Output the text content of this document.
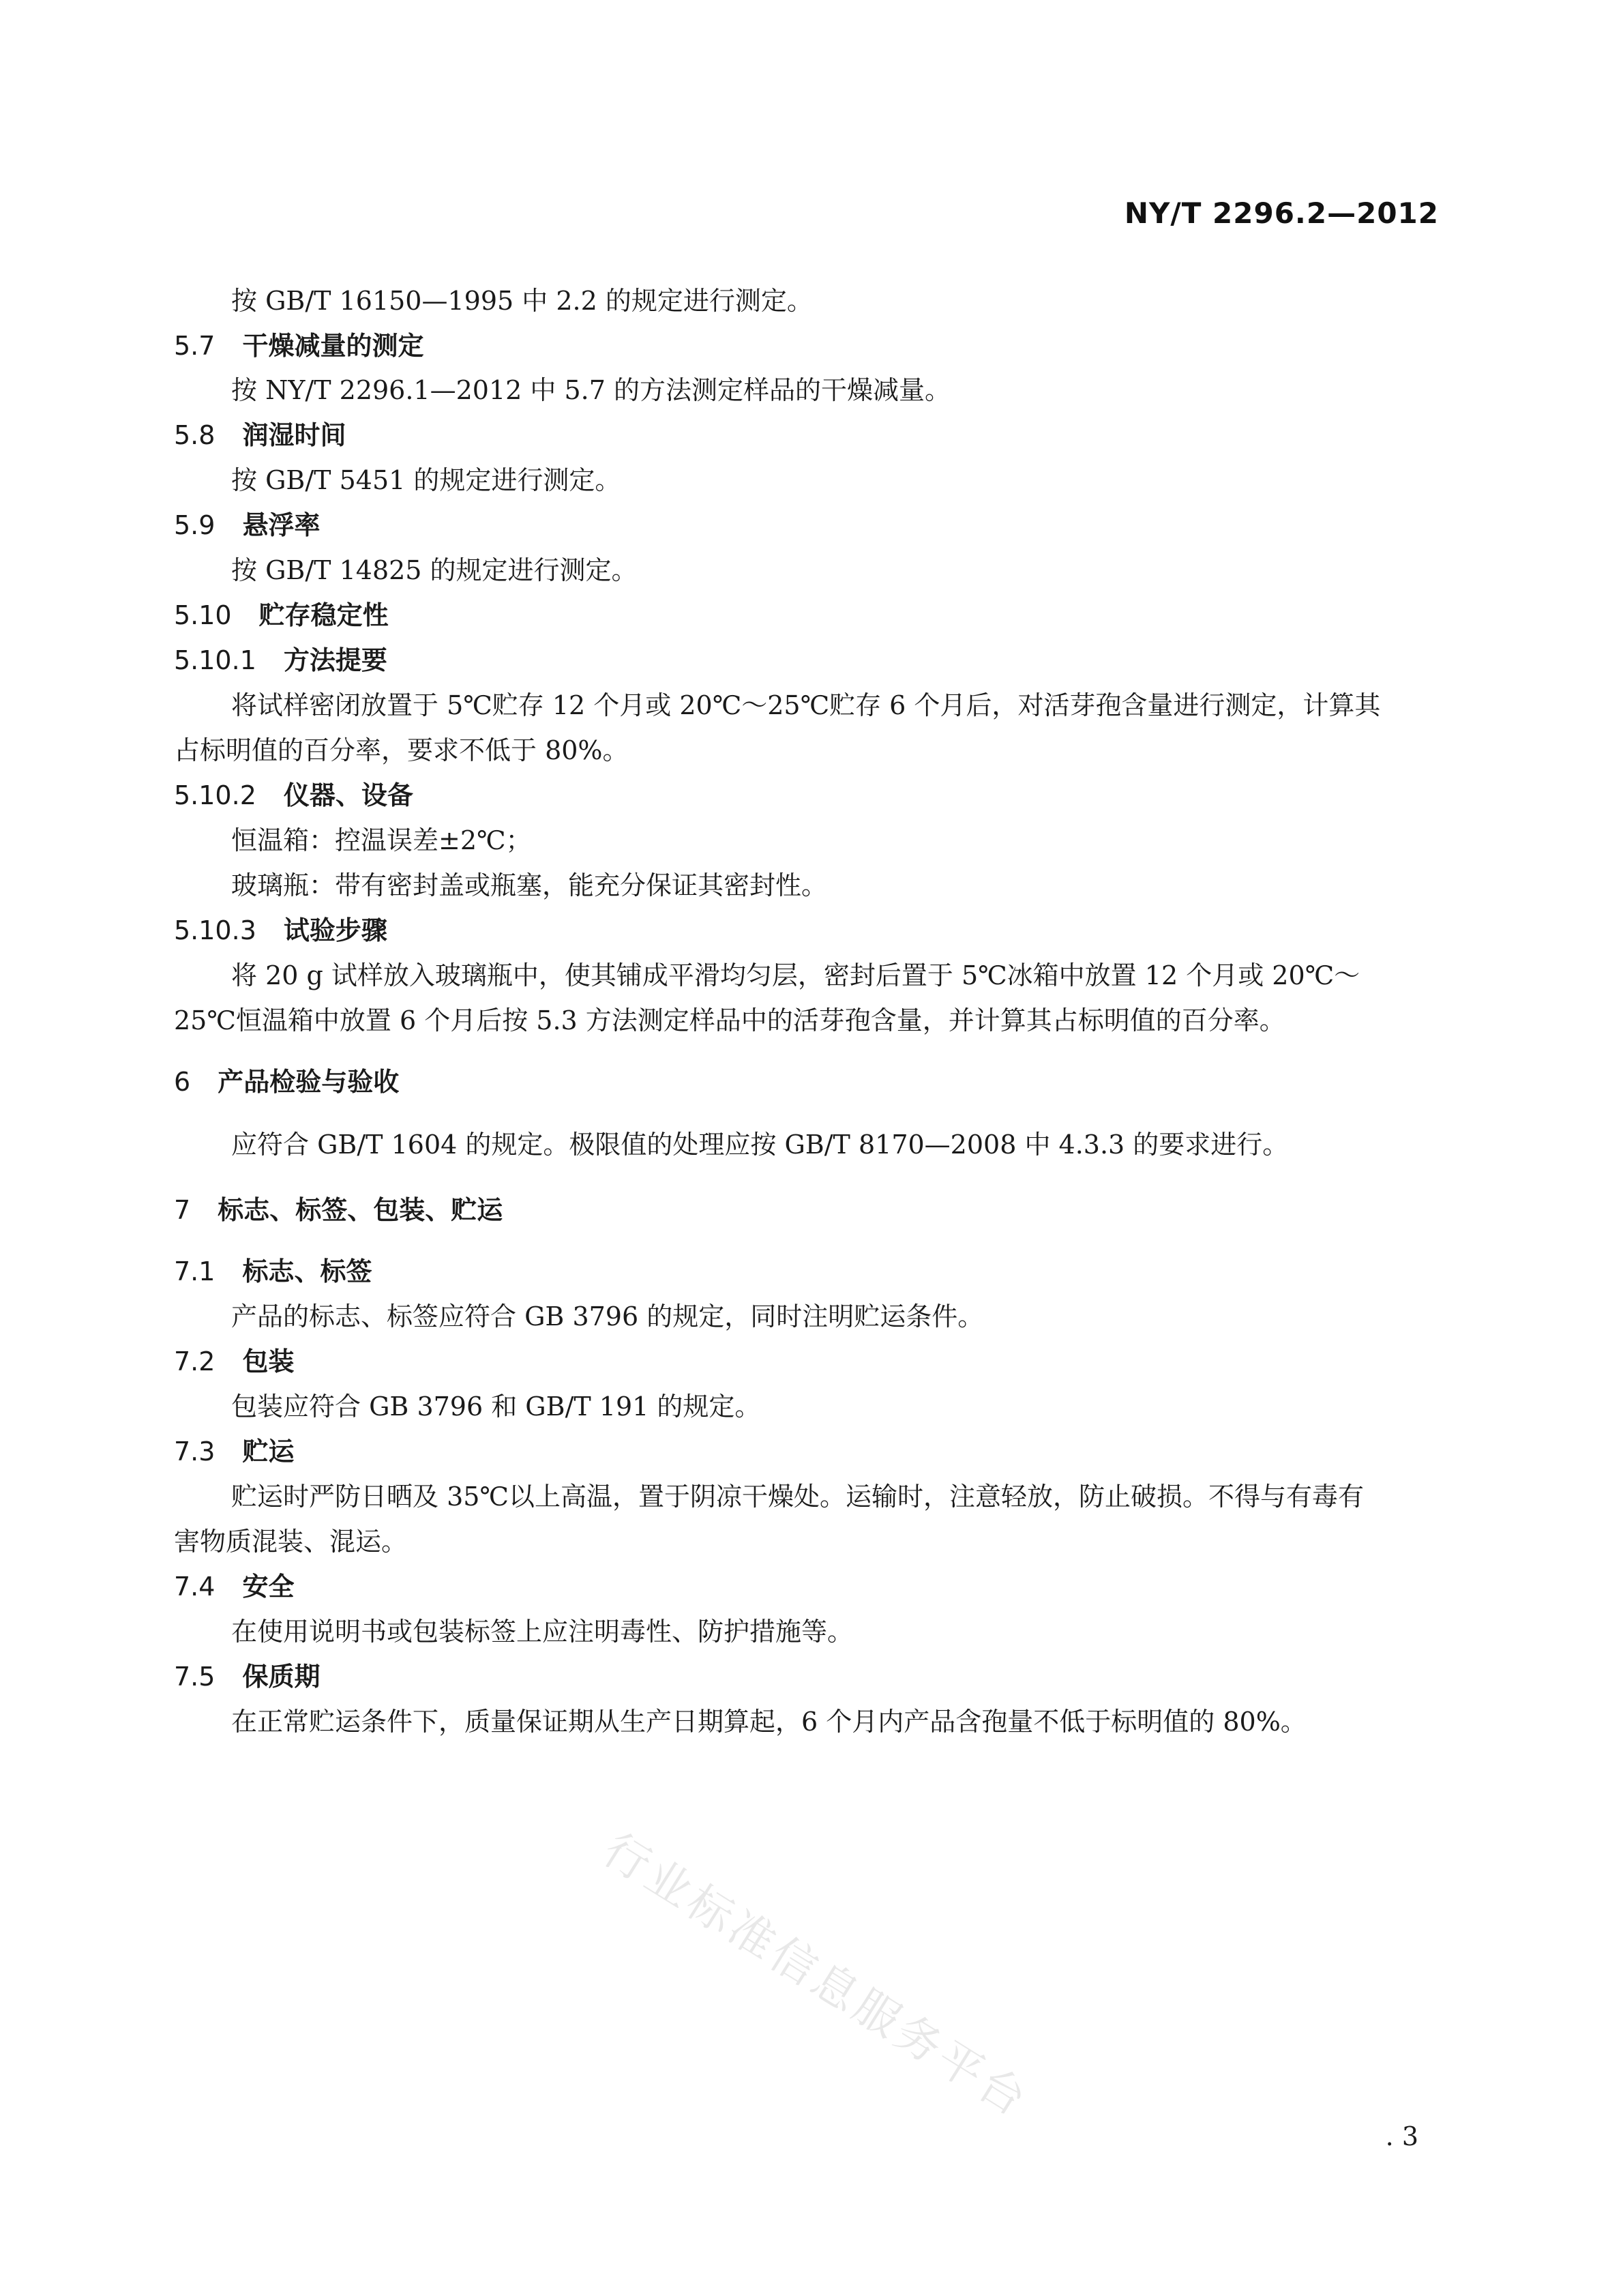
NY/T 2296.2—2012
按 GB/T 16150—1995 中 2.2 的规定进行测定。
5.7 干燥减量的测定
按 NY/T 2296.1—2012 中 5.7 的方法测定样品的干燥减量。
5.8 润湿时间
按 GB/T 5451 的规定进行测定。
5.9 悬浮率
按 GB/T 14825 的规定进行测定。
5.10 贮存稳定性
5.10.1 方法提要
将试样密闭放置于 5℃贮存 12 个月或 20℃～25℃贮存 6 个月后，对活芽孢含量进行测定，计算其
占标明值的百分率，要求不低于 80%。
5.10.2 仪器、设备
恒温箱：控温误差±2℃；
玻璃瓶：带有密封盖或瓶塞，能充分保证其密封性。
5.10.3 试验步骤
将 20 g 试样放入玻璃瓶中，使其铺成平滑均匀层，密封后置于 5℃冰箱中放置 12 个月或 20℃～
25℃恒温箱中放置 6 个月后按 5.3 方法测定样品中的活芽孢含量，并计算其占标明值的百分率。
6 产品检验与验收
应符合 GB/T 1604 的规定。极限值的处理应按 GB/T 8170—2008 中 4.3.3 的要求进行。
7 标志、标签、包装、贮运
7.1 标志、标签
产品的标志、标签应符合 GB 3796 的规定，同时注明贮运条件。
7.2 包装
包装应符合 GB 3796 和 GB/T 191 的规定。
7.3 贮运
贮运时严防日晒及 35℃以上高温，置于阴凉干燥处。运输时，注意轻放，防止破损。不得与有毒有
害物质混装、混运。
7.4 安全
在使用说明书或包装标签上应注明毒性、防护措施等。
7.5 保质期
在正常贮运条件下，质量保证期从生产日期算起，6 个月内产品含孢量不低于标明值的 80%。
行业标准信息服务平台
. 3
